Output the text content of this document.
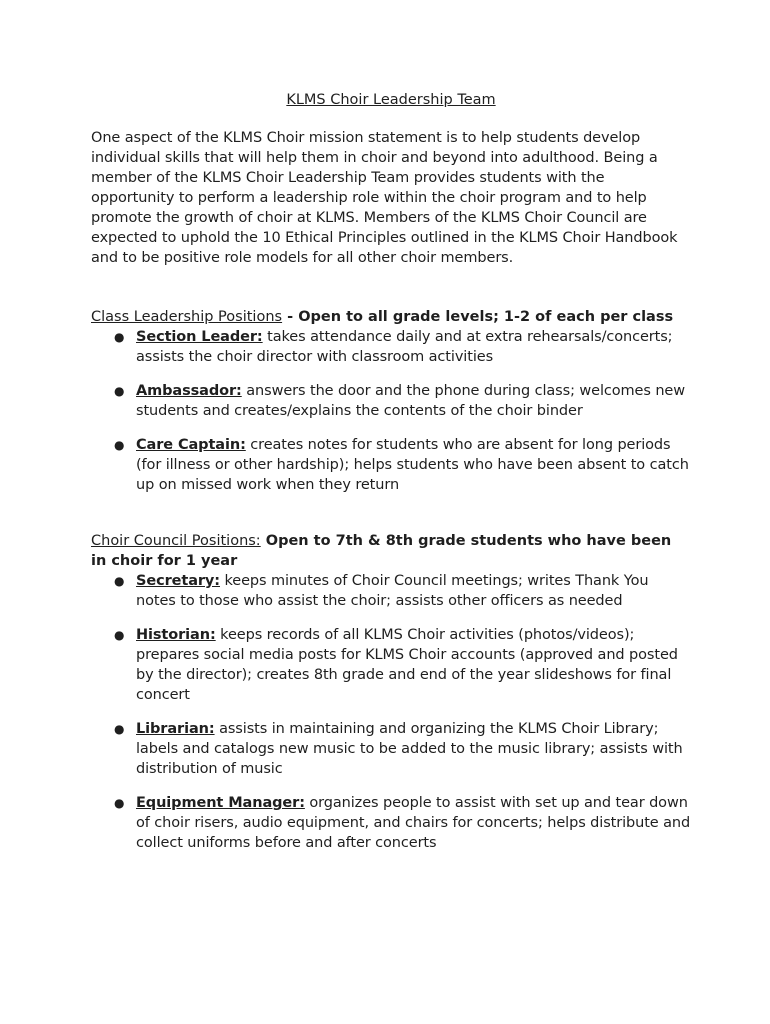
KLMS Choir Leadership Team

One aspect of the KLMS Choir mission statement is to help students develop individual skills that will help them in choir and beyond into adulthood. Being a member of the KLMS Choir Leadership Team provides students with the opportunity to perform a leadership role within the choir program and to help promote the growth of choir at KLMS. Members of the KLMS Choir Council are expected to uphold the 10 Ethical Principles outlined in the KLMS Choir Handbook and to be positive role models for all other choir members.

Class Leadership Positions - Open to all grade levels; 1-2 of each per class

● Section Leader: takes attendance daily and at extra rehearsals/concerts; assists the choir director with classroom activities
● Ambassador: answers the door and the phone during class; welcomes new students and creates/explains the contents of the choir binder
● Care Captain: creates notes for students who are absent for long periods (for illness or other hardship); helps students who have been absent to catch up on missed work when they return

Choir Council Positions: Open to 7th & 8th grade students who have been in choir for 1 year

● Secretary: keeps minutes of Choir Council meetings; writes Thank You notes to those who assist the choir; assists other officers as needed
● Historian: keeps records of all KLMS Choir activities (photos/videos); prepares social media posts for KLMS Choir accounts (approved and posted by the director); creates 8th grade and end of the year slideshows for final concert
● Librarian: assists in maintaining and organizing the KLMS Choir Library; labels and catalogs new music to be added to the music library; assists with distribution of music
● Equipment Manager: organizes people to assist with set up and tear down of choir risers, audio equipment, and chairs for concerts; helps distribute and collect uniforms before and after concerts
